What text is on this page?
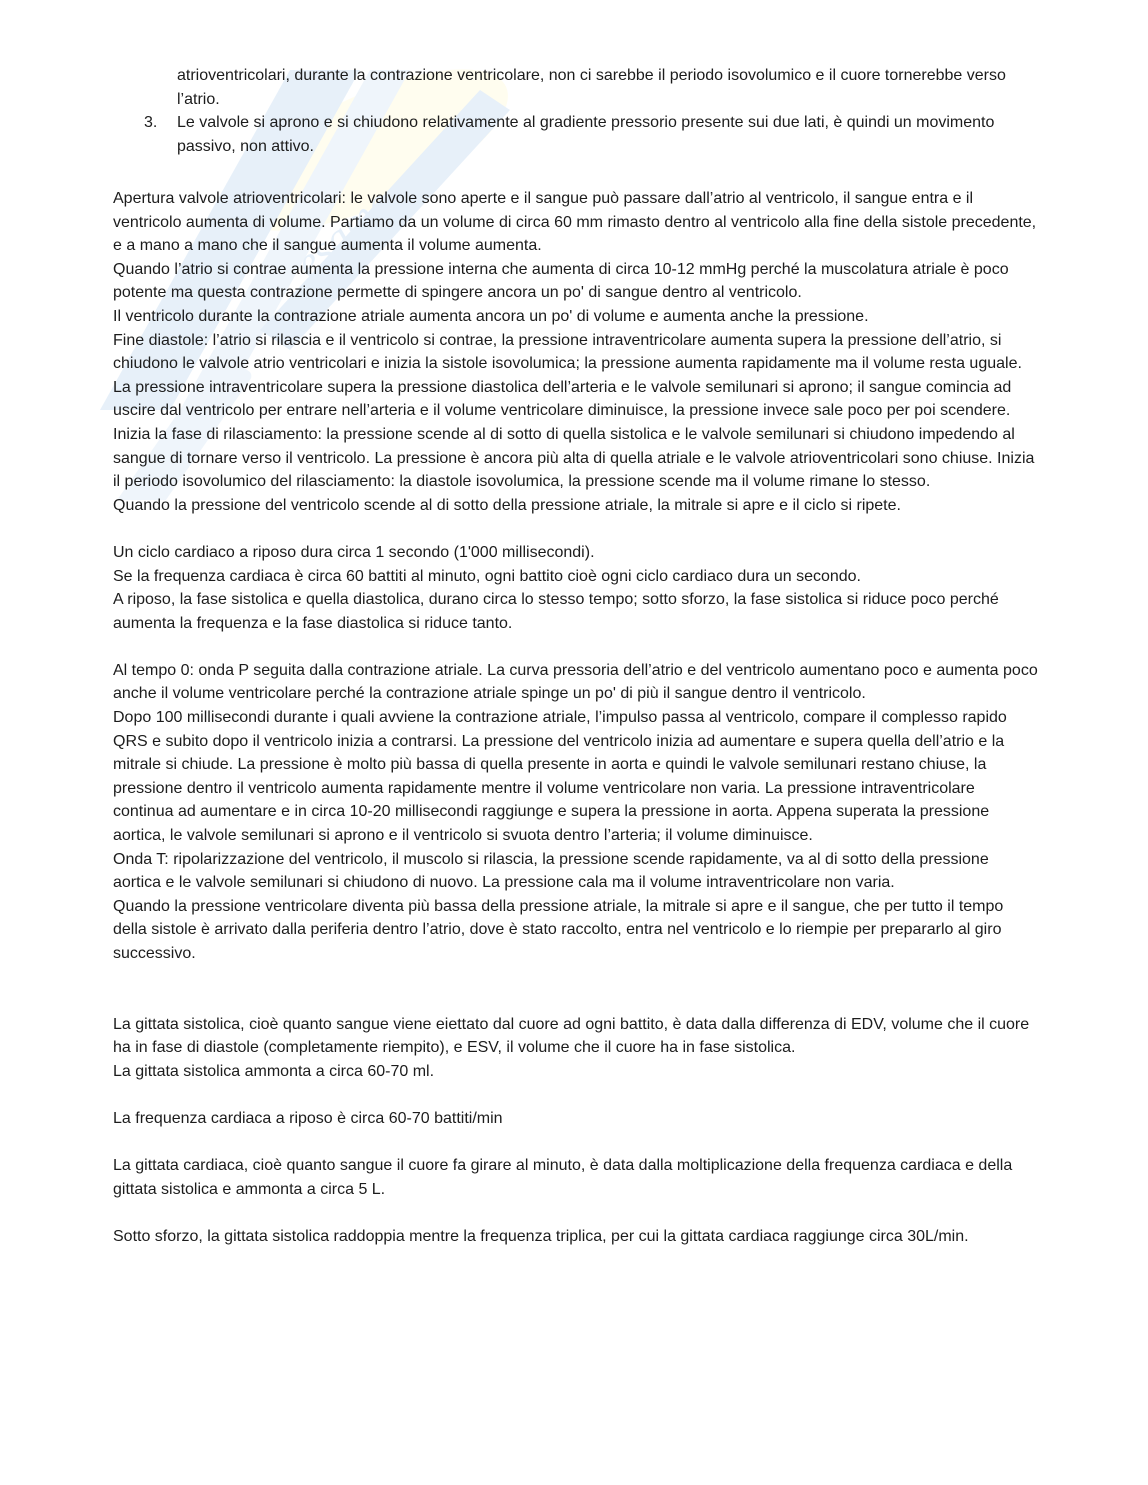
esame

atrioventricolari, durante la contrazione ventricolare, non ci sarebbe il periodo isovolumico e il cuore tornerebbe verso l’atrio.

3. Le valvole si aprono e si chiudono relativamente al gradiente pressorio presente sui due lati, è quindi un movimento passivo, non attivo.

Apertura valvole atrioventricolari: le valvole sono aperte e il sangue può passare dall’atrio al ventricolo, il sangue entra e il ventricolo aumenta di volume. Partiamo da un volume di circa 60 mm rimasto dentro al ventricolo alla fine della sistole precedente, e a mano a mano che il sangue aumenta il volume aumenta.

Quando l’atrio si contrae aumenta la pressione interna che aumenta di circa 10-12 mmHg perché la muscolatura atriale è poco potente ma questa contrazione permette di spingere ancora un po' di sangue dentro al ventricolo.

Il ventricolo durante la contrazione atriale aumenta ancora un po' di volume e aumenta anche la pressione.

Fine diastole: l’atrio si rilascia e il ventricolo si contrae, la pressione intraventricolare aumenta supera la pressione dell’atrio, si chiudono le valvole atrio ventricolari e inizia la sistole isovolumica; la pressione aumenta rapidamente ma il volume resta uguale.

La pressione intraventricolare supera la pressione diastolica dell’arteria e le valvole semilunari si aprono; il sangue comincia ad uscire dal ventricolo per entrare nell’arteria e il volume ventricolare diminuisce, la pressione invece sale poco per poi scendere.

Inizia la fase di rilasciamento: la pressione scende al di sotto di quella sistolica e le valvole semilunari si chiudono impedendo al sangue di tornare verso il ventricolo. La pressione è ancora più alta di quella atriale e le valvole atrioventricolari sono chiuse. Inizia il periodo isovolumico del rilasciamento: la diastole isovolumica, la pressione scende ma il volume rimane lo stesso.

Quando la pressione del ventricolo scende al di sotto della pressione atriale, la mitrale si apre e il ciclo si ripete.

Un ciclo cardiaco a riposo dura circa 1 secondo (1'000 millisecondi).

Se la frequenza cardiaca è circa 60 battiti al minuto, ogni battito cioè ogni ciclo cardiaco dura un secondo.

A riposo, la fase sistolica e quella diastolica, durano circa lo stesso tempo; sotto sforzo, la fase sistolica si riduce poco perché aumenta la frequenza e la fase diastolica si riduce tanto.

Al tempo 0: onda P seguita dalla contrazione atriale. La curva pressoria dell’atrio e del ventricolo aumentano poco e aumenta poco anche il volume ventricolare perché la contrazione atriale spinge un po' di più il sangue dentro il ventricolo.

Dopo 100 millisecondi durante i quali avviene la contrazione atriale, l’impulso passa al ventricolo, compare il complesso rapido QRS e subito dopo il ventricolo inizia a contrarsi. La pressione del ventricolo inizia ad aumentare e supera quella dell’atrio e la mitrale si chiude. La pressione è molto più bassa di quella presente in aorta e quindi le valvole semilunari restano chiuse, la pressione dentro il ventricolo aumenta rapidamente mentre il volume ventricolare non varia. La pressione intraventricolare continua ad aumentare e in circa 10-20 millisecondi raggiunge e supera la pressione in aorta. Appena superata la pressione aortica, le valvole semilunari si aprono e il ventricolo si svuota dentro l’arteria; il volume diminuisce.

Onda T: ripolarizzazione del ventricolo, il muscolo si rilascia, la pressione scende rapidamente, va al di sotto della pressione aortica e le valvole semilunari si chiudono di nuovo. La pressione cala ma il volume intraventricolare non varia.

Quando la pressione ventricolare diventa più bassa della pressione atriale, la mitrale si apre e il sangue, che per tutto il tempo della sistole è arrivato dalla periferia dentro l’atrio, dove è stato raccolto, entra nel ventricolo e lo riempie per prepararlo al giro successivo.

La gittata sistolica, cioè quanto sangue viene eiettato dal cuore ad ogni battito, è data dalla differenza di EDV, volume che il cuore ha in fase di diastole (completamente riempito), e ESV, il volume che il cuore ha in fase sistolica.

La gittata sistolica ammonta a circa 60-70 ml.

La frequenza cardiaca a riposo è circa 60-70 battiti/min

La gittata cardiaca, cioè quanto sangue il cuore fa girare al minuto, è data dalla moltiplicazione della frequenza cardiaca e della gittata sistolica e ammonta a circa 5 L.

Sotto sforzo, la gittata sistolica raddoppia mentre la frequenza triplica, per cui la gittata cardiaca raggiunge circa 30L/min.
